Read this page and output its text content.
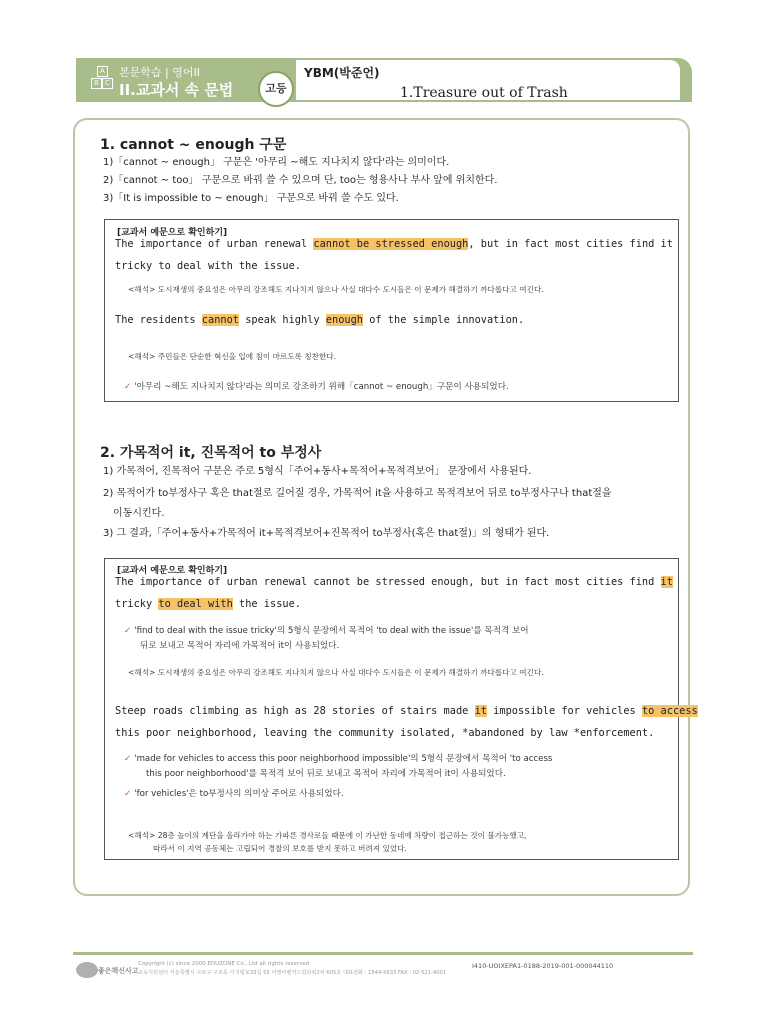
A
B C
본문학습 | 영어II
II.교과서 속 문법	고등
YBM(박준언)
1.Treasure out of Trash
1. cannot ~ enough 구문
1)「cannot ~ enough」 구문은 '아무리 ~해도 지나치지 않다'라는 의미이다.
2)「cannot ~ too」 구문으로 바꿔 쓸 수 있으며 단, too는 형용사나 부사 앞에 위치한다.
3)「It is impossible to ~ enough」 구문으로 바꿔 쓸 수도 있다.
[교과서 예문으로 확인하기]
The importance of urban renewal cannot be stressed enough, but in fact most cities find it
tricky to deal with the issue.
<해석> 도시재생의 중요성은 아무리 강조해도 지나치지 않으나 사실 대다수 도시들은 이 문제가 해결하기 까다롭다고 여긴다.
The residents cannot speak highly enough of the simple innovation.
<해석> 주민들은 단순한 혁신을 입에 침이 마르도록 칭찬한다.
✓ '아무리 ~해도 지나치지 않다'라는 의미로 강조하기 위해「cannot ~ enough」구문이 사용되었다.
2. 가목적어 it, 진목적어 to 부정사
1) 가목적어, 진목적어 구문은 주로 5형식「주어+동사+목적어+목적격보어」 문장에서 사용된다.
2) 목적어가 to부정사구 혹은 that절로 길어질 경우, 가목적어 it을 사용하고 목적격보어 뒤로 to부정사구나 that절을
이동시킨다.
3) 그 결과,「주어+동사+가목적어 it+목적격보어+진목적어 to부정사(혹은 that절)」의 형태가 된다.
[교과서 예문으로 확인하기]
The importance of urban renewal cannot be stressed enough, but in fact most cities find it
tricky to deal with the issue.
✓ 'find to deal with the issue tricky'의 5형식 문장에서 목적어 'to deal with the issue'를 목적격 보어
뒤로 보내고 목적어 자리에 가목적어 it이 사용되었다.
<해석> 도시재생의 중요성은 아무리 강조해도 지나치지 않으나 사실 대다수 도시들은 이 문제가 해결하기 까다롭다고 여긴다.
Steep roads climbing as high as 28 stories of stairs made it impossible for vehicles to access
this poor neighborhood, leaving the community isolated, *abandoned by law *enforcement.
✓ 'made for vehicles to access this poor neighborhood impossible'의 5형식 문장에서 목적어 'to access
this poor neighborhood'를 목적격 보어 뒤로 보내고 목적어 자리에 가목적어 it이 사용되었다.
✓ 'for vehicles'은 to부정사의 의미상 주어로 사용되었다.
<해석> 28층 높이의 계단을 올라가야 하는 가파른 경사로들 때문에 이 가난한 동네에 차량이 접근하는 것이 불가능했고,
따라서 이 지역 공동체는 고립되어 경찰의 보호를 받지 못하고 버려져 있었다.
좋은책신사고
Copyright (c) since 2000 EDUZONE Co., Ltd all rights reserved
교육지원센터 서울특별시 구로구 구로동 디지털로33길 55 이앤씨벤처드림타워2차 605호 대표전화 : 1544-5633 FAX : 02-521-4001
I410-UOIXEPA1-0188-2019-001-000044110
